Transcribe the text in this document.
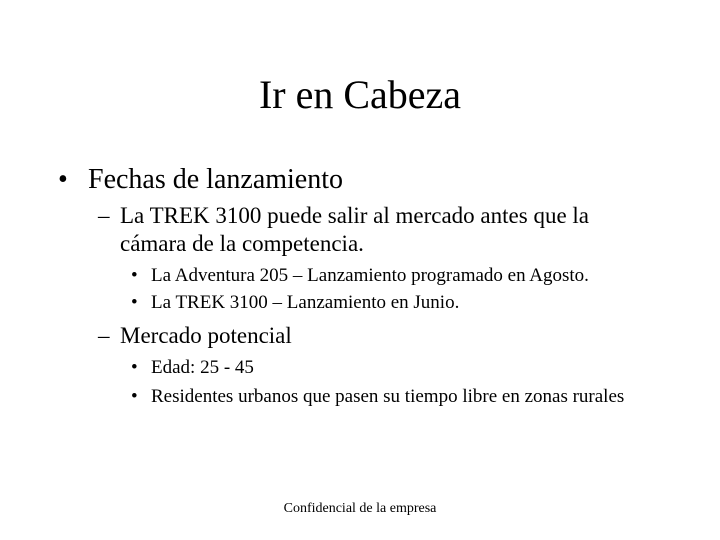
Ir en Cabeza
• Fechas de lanzamiento
– La TREK 3100 puede salir al mercado antes que la cámara de la competencia.
• La Adventura 205 – Lanzamiento programado en Agosto.
• La TREK 3100 – Lanzamiento en Junio.
– Mercado potencial
• Edad: 25 - 45
• Residentes urbanos que pasen su tiempo libre en zonas rurales
Confidencial de la empresa
